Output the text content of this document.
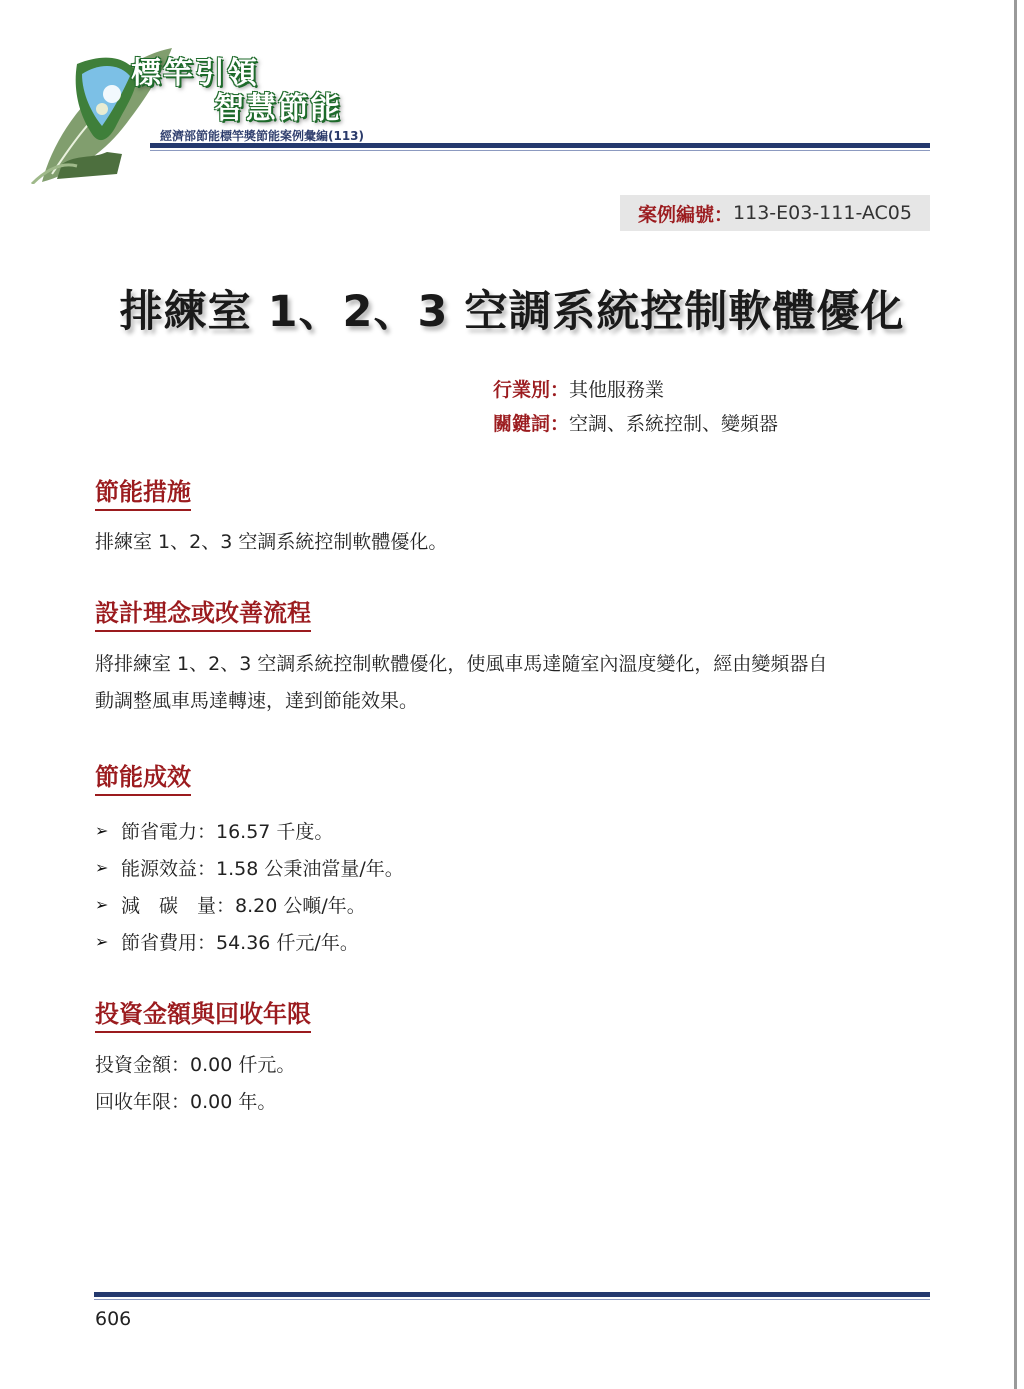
標竿引領
智慧節能
經濟部節能標竿獎節能案例彙編(113)
案例編號： 113-E03-111-AC05
排練室 1、2、3 空調系統控制軟體優化
行業別：其他服務業
關鍵詞：空調、系統控制、變頻器
節能措施
排練室 1、2、3 空調系統控制軟體優化。
設計理念或改善流程
將排練室 1、2、3 空調系統控制軟體優化，使風車馬達隨室內溫度變化，經由變頻器自
動調整風車馬達轉速，達到節能效果。
節能成效
➢ 節省電力：16.57 千度。
➢ 能源效益：1.58 公秉油當量/年。
➢ 減　碳　量：8.20 公噸/年。
➢ 節省費用：54.36 仟元/年。
投資金額與回收年限
投資金額：0.00 仟元。
回收年限：0.00 年。
606
